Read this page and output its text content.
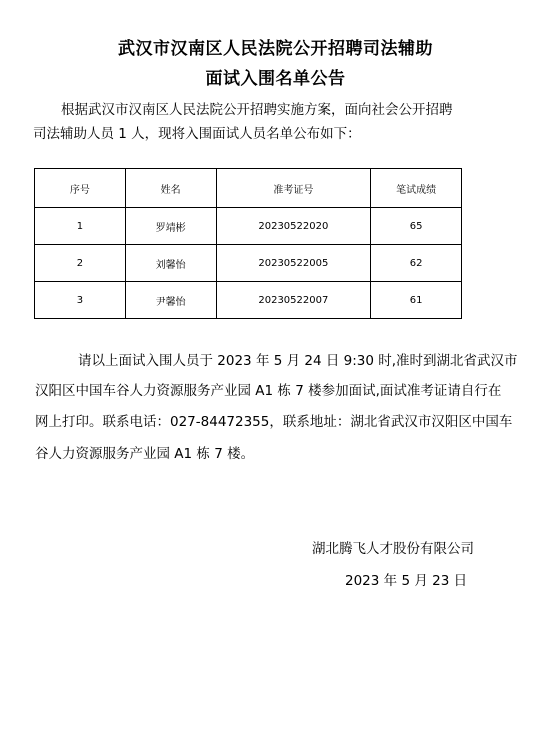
武汉市汉南区人民法院公开招聘司法辅助
面试入围名单公告
根据武汉市汉南区人民法院公开招聘实施方案，面向社会公开招聘
司法辅助人员 1 人，现将入围面试人员名单公布如下：
序号	姓名	准考证号	笔试成绩
1	罗靖彬	20230522020	65
2	刘馨怡	20230522005	62
3	尹馨怡	20230522007	61
请以上面试入围人员于 2023 年 5 月 24 日 9:30 时,准时到湖北省武汉市
汉阳区中国车谷人力资源服务产业园 A1 栋 7 楼参加面试,面试准考证请自行在
网上打印。联系电话：027-84472355，联系地址：湖北省武汉市汉阳区中国车
谷人力资源服务产业园 A1 栋 7 楼。
湖北腾飞人才股份有限公司
2023 年 5 月 23 日
